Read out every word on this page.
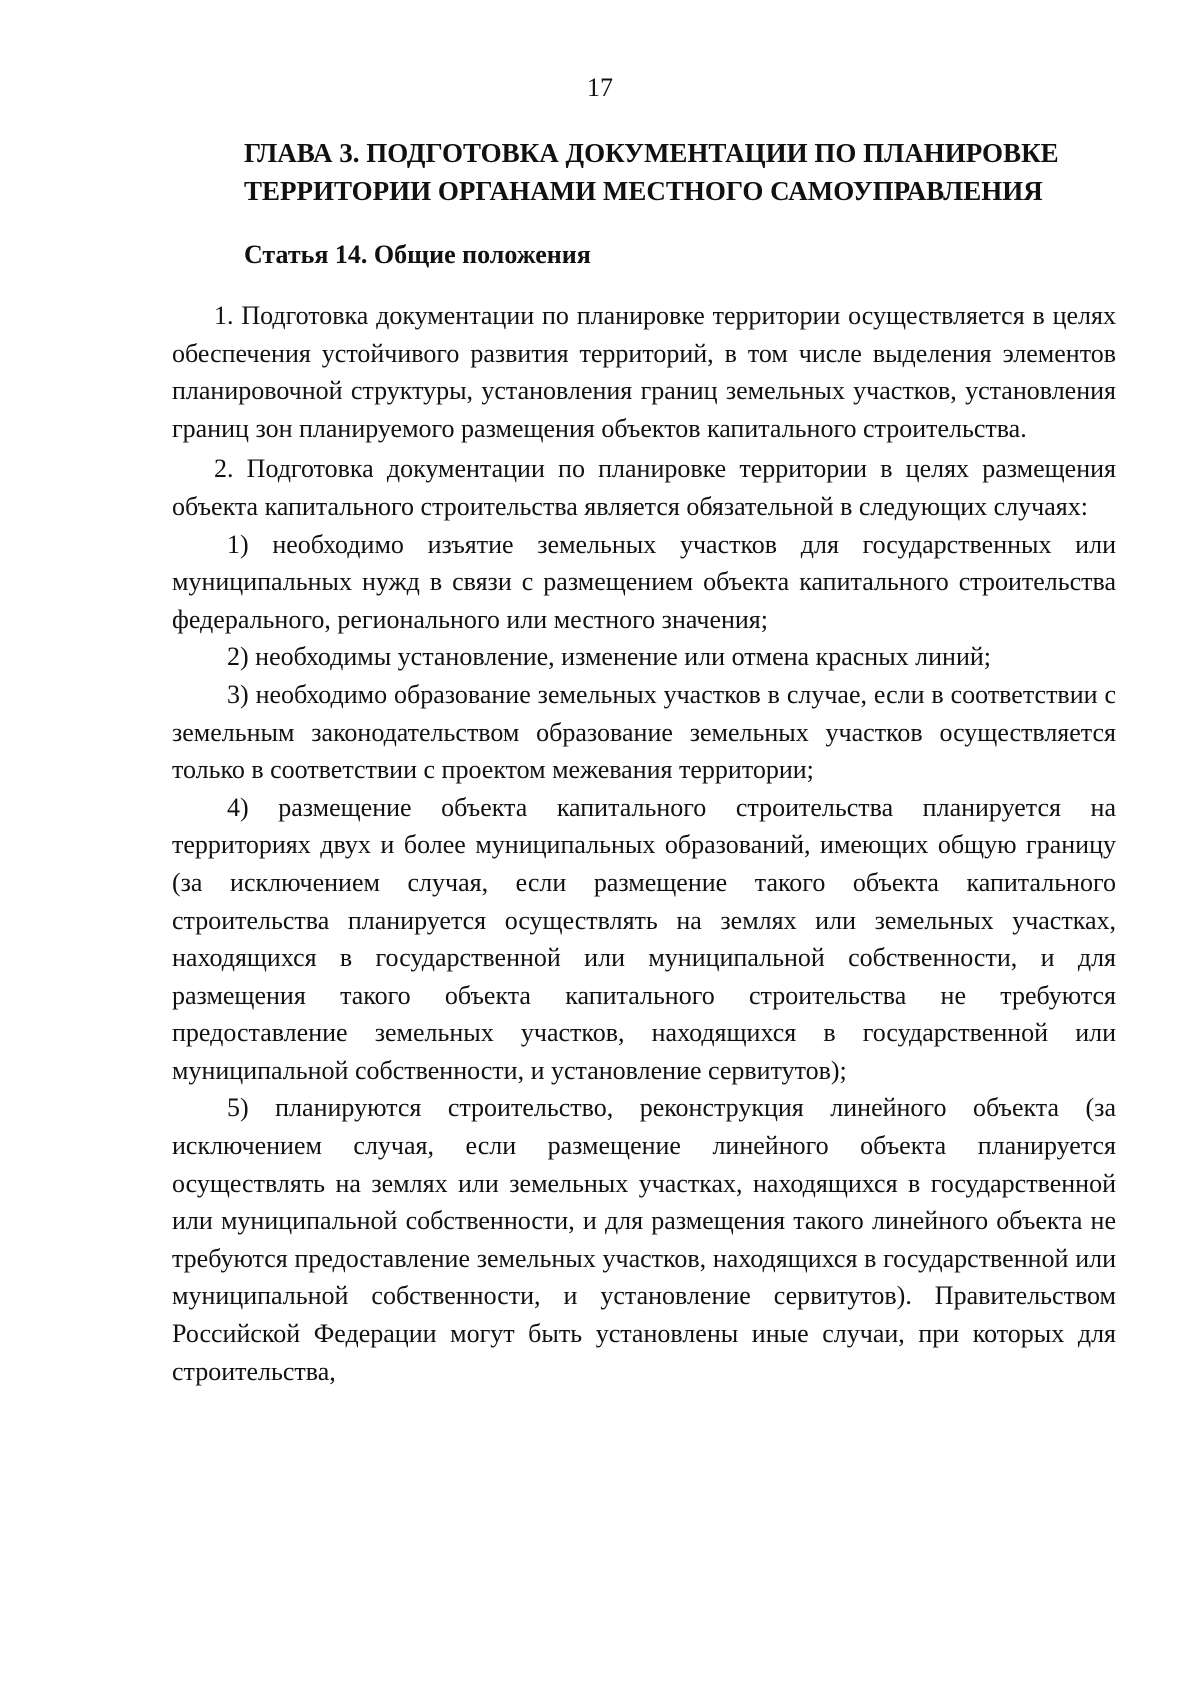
17
ГЛАВА 3. ПОДГОТОВКА ДОКУМЕНТАЦИИ ПО ПЛАНИРОВКЕ
ТЕРРИТОРИИ ОРГАНАМИ МЕСТНОГО САМОУПРАВЛЕНИЯ
Статья 14. Общие положения

1. Подготовка документации по планировке территории осуществляется в целях обеспечения устойчивого развития территорий, в том числе выделения элементов планировочной структуры, установления границ земельных участков, установления границ зон планируемого размещения объектов капитального строительства.

2. Подготовка документации по планировке территории в целях размещения объекта капитального строительства является обязательной в следующих случаях:

1) необходимо изъятие земельных участков для государственных или муниципальных нужд в связи с размещением объекта капитального строительства федерального, регионального или местного значения;

2) необходимы установление, изменение или отмена красных линий;

3) необходимо образование земельных участков в случае, если в соответствии с земельным законодательством образование земельных участков осуществляется только в соответствии с проектом межевания территории;

4) размещение объекта капитального строительства планируется на территориях двух и более муниципальных образований, имеющих общую границу (за исключением случая, если размещение такого объекта капитального строительства планируется осуществлять на землях или земельных участках, находящихся в государственной или муниципальной собственности, и для размещения такого объекта капитального строительства не требуются предоставление земельных участков, находящихся в государственной или муниципальной собственности, и установление сервитутов);

5) планируются строительство, реконструкция линейного объекта (за исключением случая, если размещение линейного объекта планируется осуществлять на землях или земельных участках, находящихся в государственной или муниципальной собственности, и для размещения такого линейного объекта не требуются предоставление земельных участков, находящихся в государственной или муниципальной собственности, и установление сервитутов). Правительством Российской Федерации могут быть установлены иные случаи, при которых для строительства,
